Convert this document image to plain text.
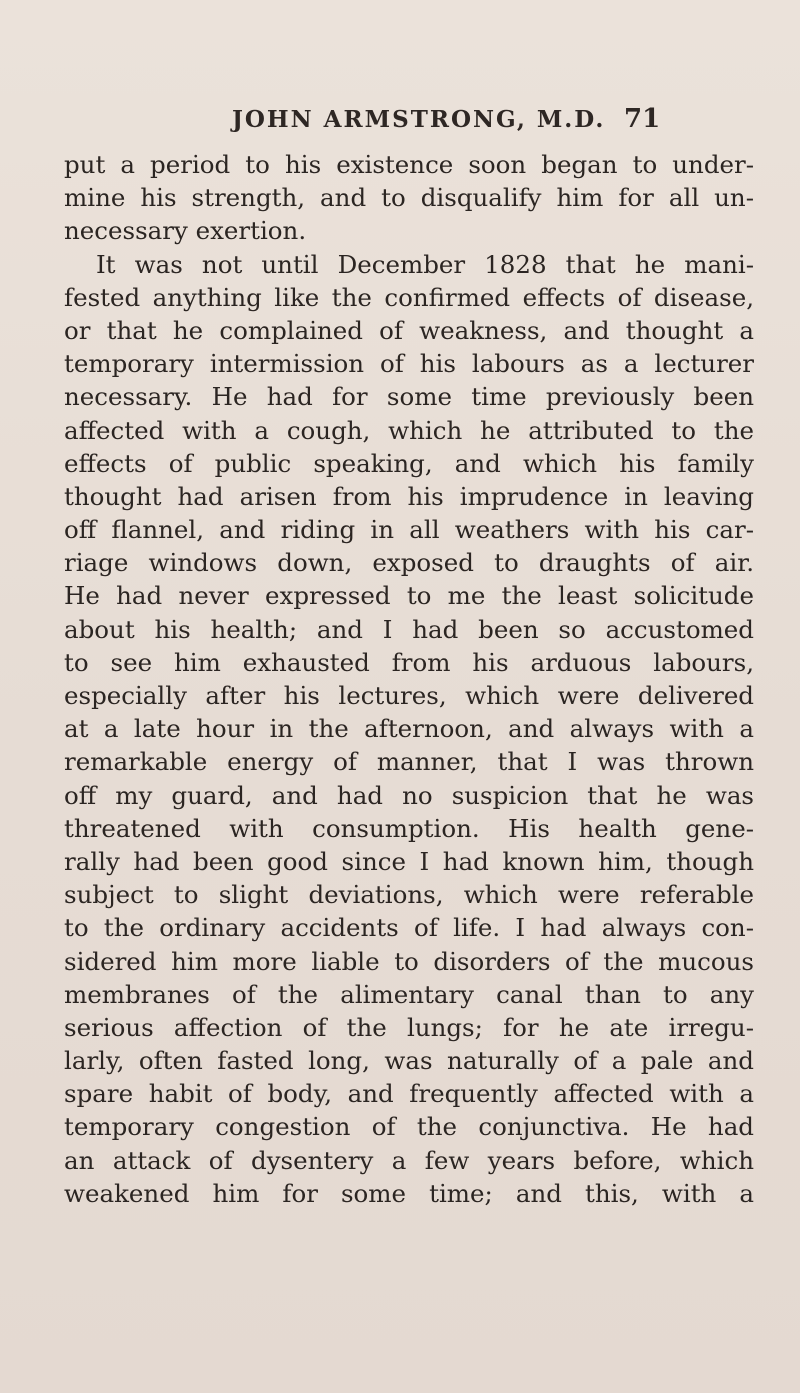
JOHN ARMSTRONG, M.D. 71
put a period to his existence soon began to under-
mine his strength, and to disqualify him for all un-
necessary exertion.
It was not until December 1828 that he mani-
fested anything like the confirmed effects of disease,
or that he complained of weakness, and thought a
temporary intermission of his labours as a lecturer
necessary. He had for some time previously been
affected with a cough, which he attributed to the
effects of public speaking, and which his family
thought had arisen from his imprudence in leaving
off flannel, and riding in all weathers with his car-
riage windows down, exposed to draughts of air.
He had never expressed to me the least solicitude
about his health; and I had been so accustomed
to see him exhausted from his arduous labours,
especially after his lectures, which were delivered
at a late hour in the afternoon, and always with a
remarkable energy of manner, that I was thrown
off my guard, and had no suspicion that he was
threatened with consumption. His health gene-
rally had been good since I had known him, though
subject to slight deviations, which were referable
to the ordinary accidents of life. I had always con-
sidered him more liable to disorders of the mucous
membranes of the alimentary canal than to any
serious affection of the lungs; for he ate irregu-
larly, often fasted long, was naturally of a pale and
spare habit of body, and frequently affected with a
temporary congestion of the conjunctiva. He had
an attack of dysentery a few years before, which
weakened him for some time; and this, with a
